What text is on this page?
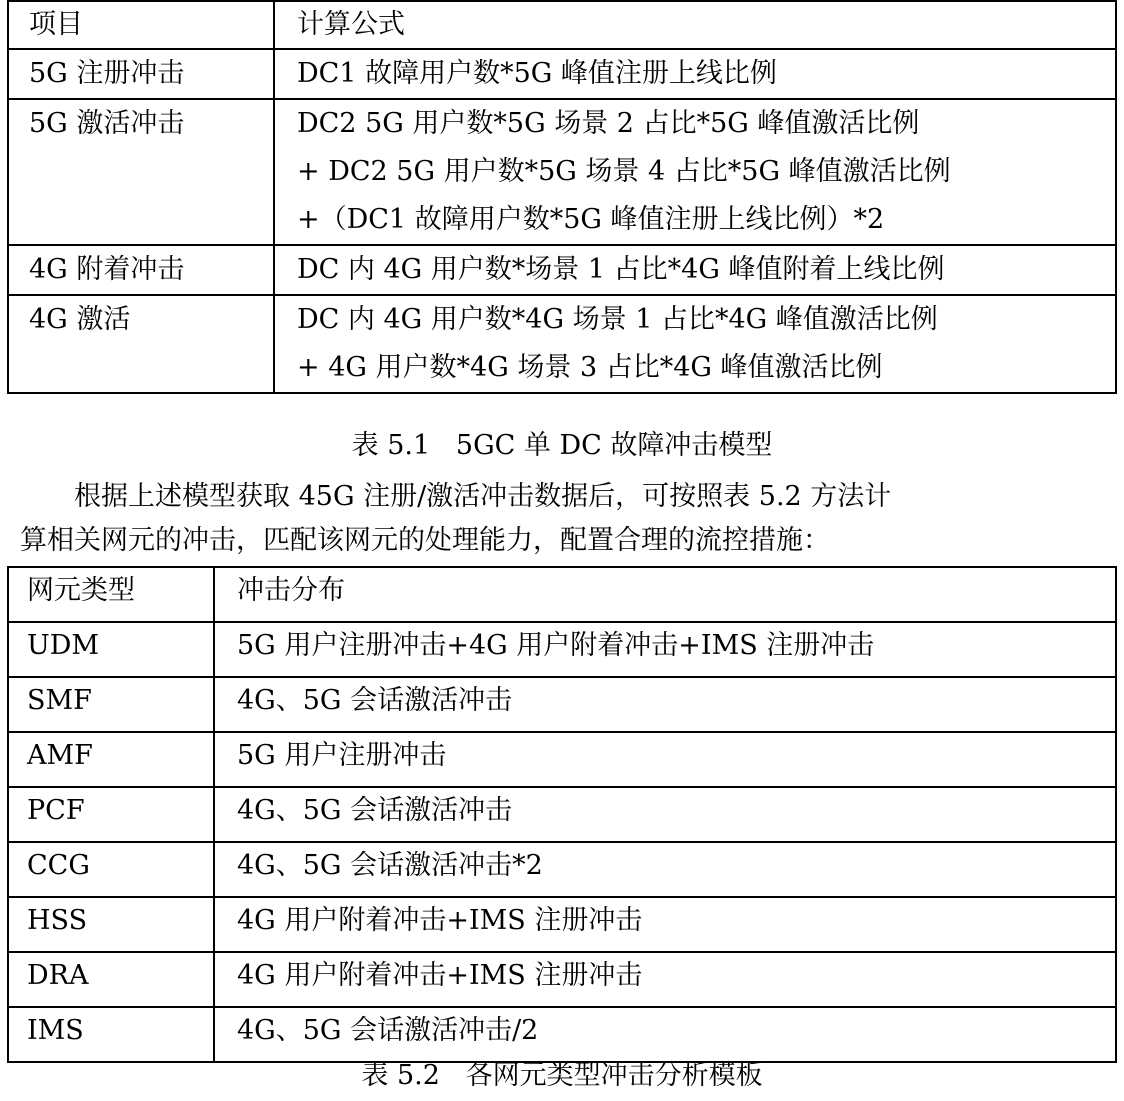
项目	计算公式
5G 注册冲击	DC1 故障用户数*5G 峰值注册上线比例

5G 激活冲击	DC2 5G 用户数*5G 场景 2 占比*5G 峰值激活比例
+ DC2 5G 用户数*5G 场景 4 占比*5G 峰值激活比例
+（DC1 故障用户数*5G 峰值注册上线比例）*2

4G 附着冲击	DC 内 4G 用户数*场景 1 占比*4G 峰值附着上线比例

4G 激活	DC 内 4G 用户数*4G 场景 1 占比*4G 峰值激活比例
+ 4G 用户数*4G 场景 3 占比*4G 峰值激活比例
表 5.1   5GC 单 DC 故障冲击模型
根据上述模型获取 45G 注册/激活冲击数据后，可按照表 5.2 方法计
算相关网元的冲击，匹配该网元的处理能力，配置合理的流控措施：
网元类型	冲击分布
UDM	5G 用户注册冲击+4G 用户附着冲击+IMS 注册冲击
SMF	4G、5G 会话激活冲击
AMF	5G 用户注册冲击
PCF	4G、5G 会话激活冲击
CCG	4G、5G 会话激活冲击*2
HSS	4G 用户附着冲击+IMS 注册冲击
DRA	4G 用户附着冲击+IMS 注册冲击
IMS	4G、5G 会话激活冲击/2
表 5.2   各网元类型冲击分析模板
